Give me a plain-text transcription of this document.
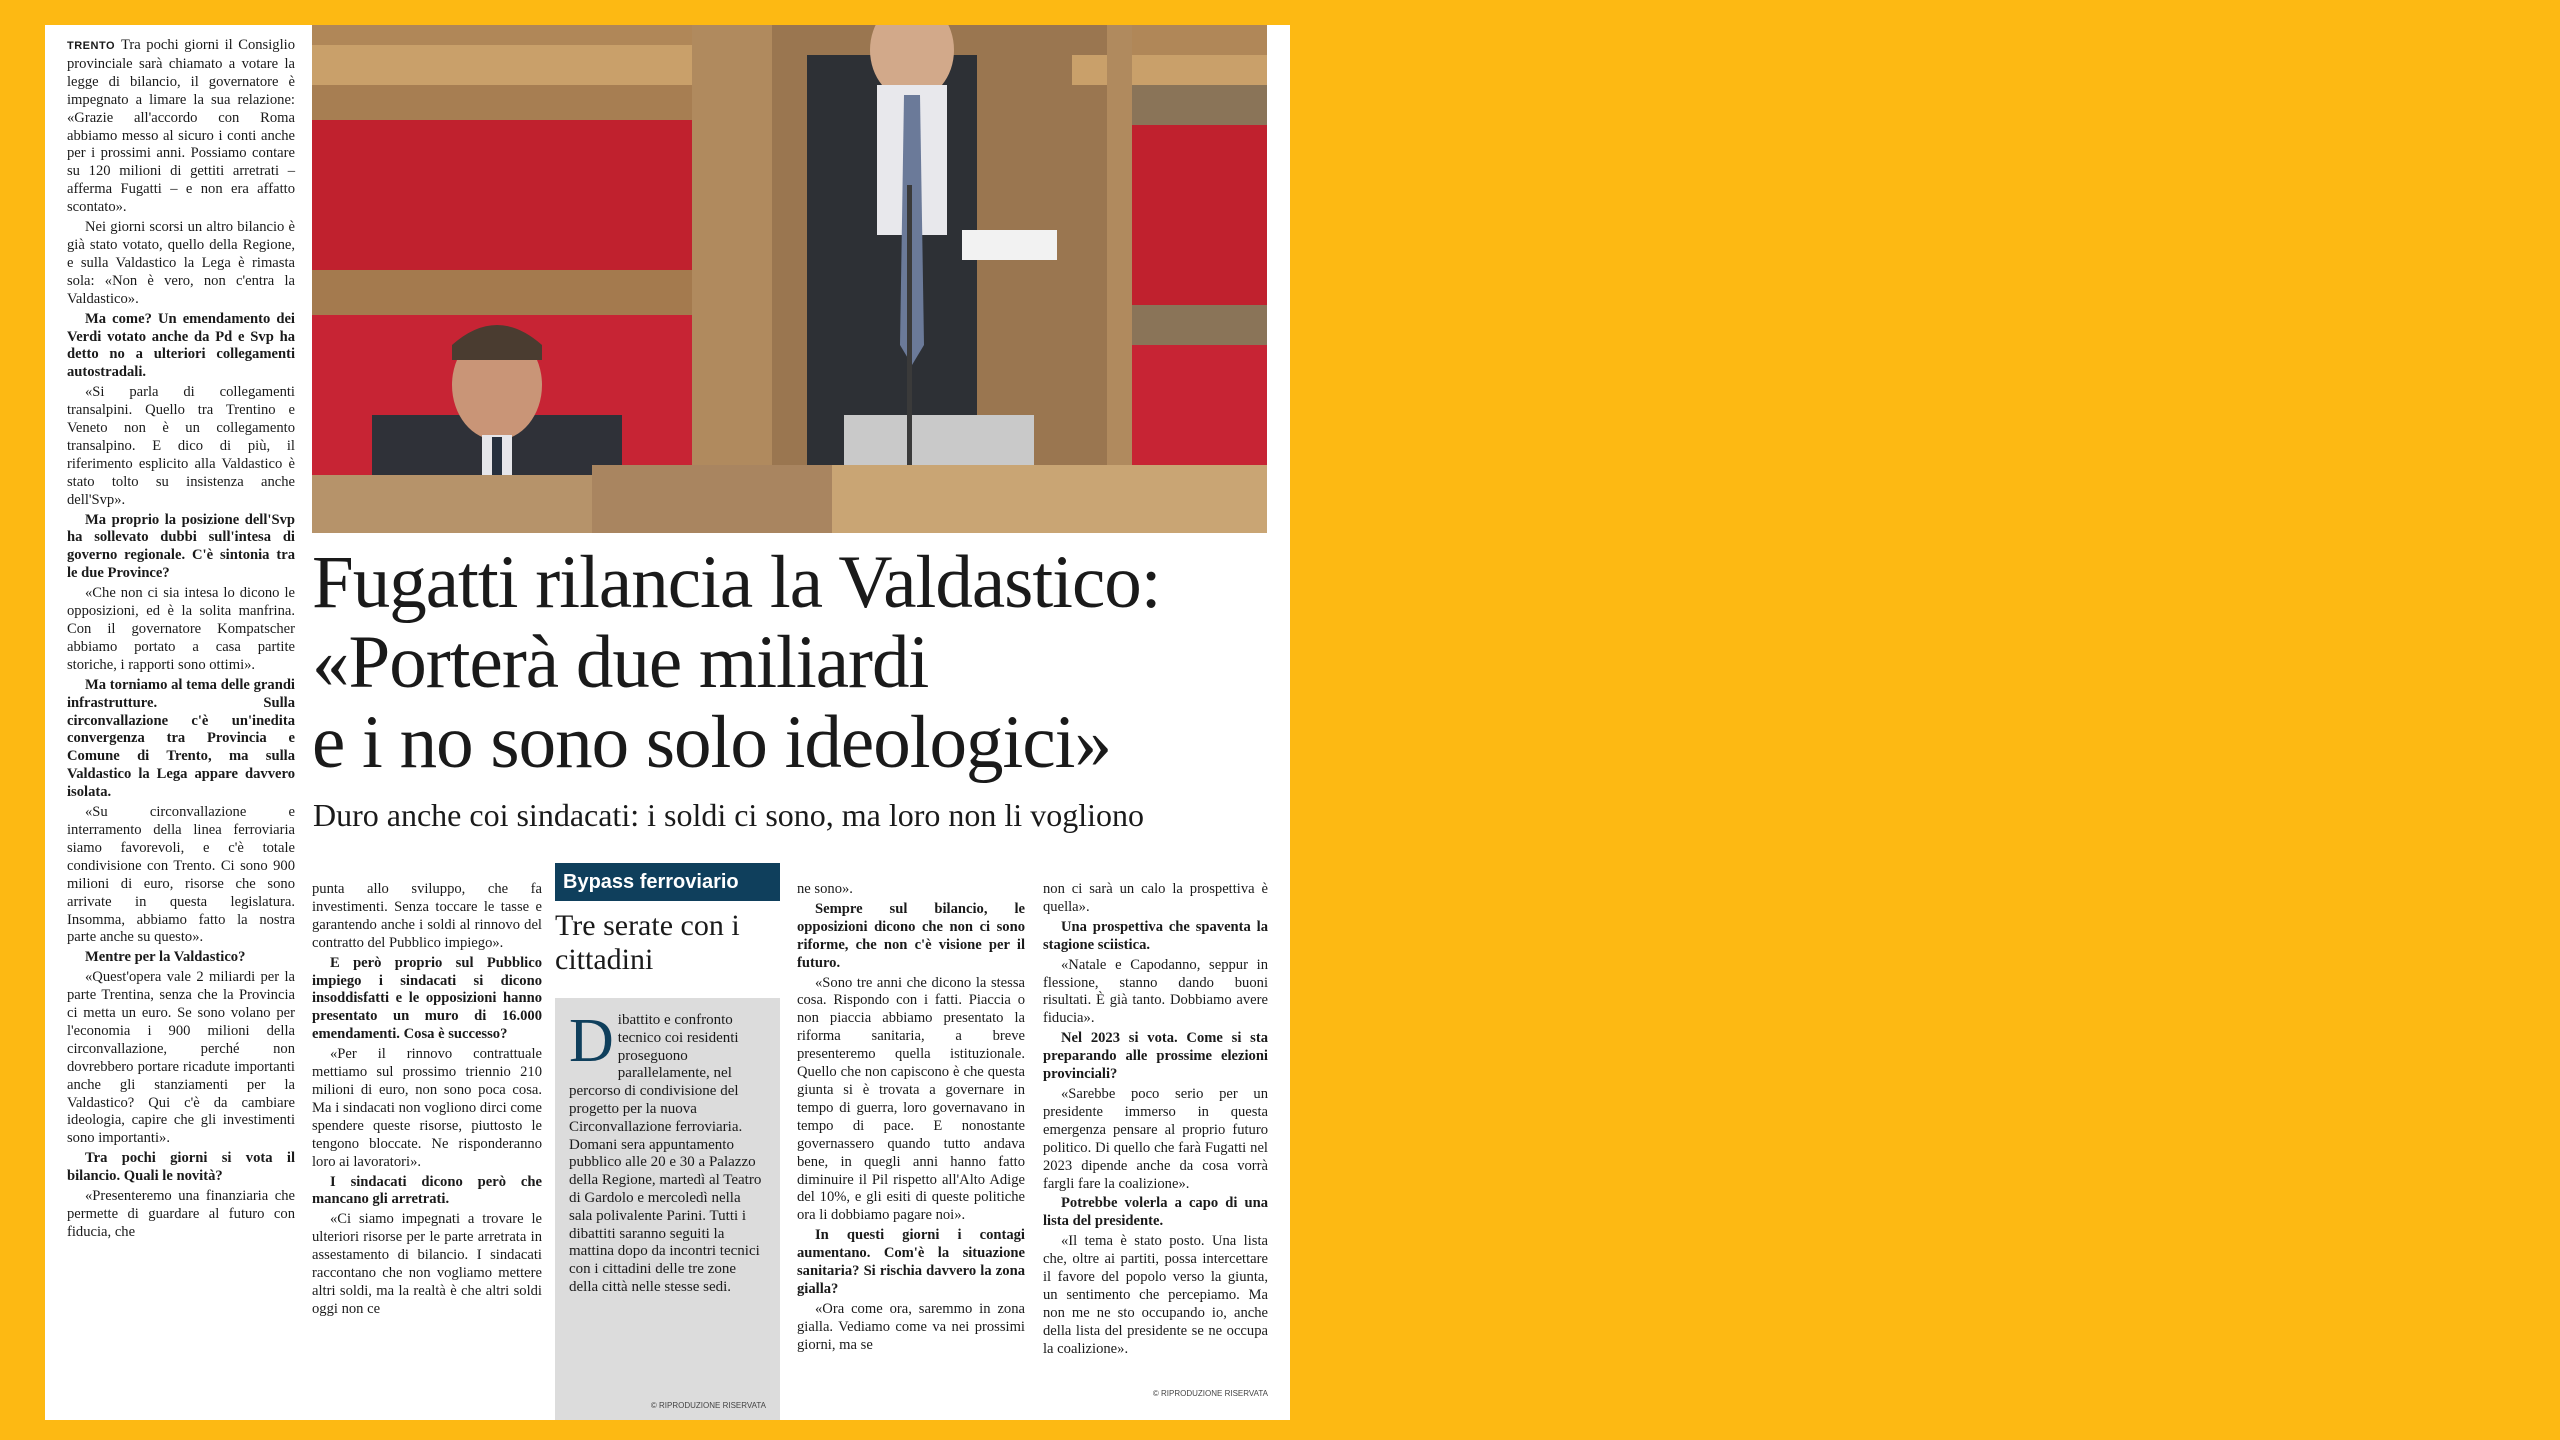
TRENTO Tra pochi giorni il Consiglio provinciale sarà chiamato a votare la legge di bilancio, il governatore è impegnato a limare la sua relazione: «Grazie all'accordo con Roma abbiamo messo al sicuro i conti anche per i prossimi anni. Possiamo contare su 120 milioni di gettiti arretrati – afferma Fugatti – e non era affatto scontato».

Nei giorni scorsi un altro bilancio è già stato votato, quello della Regione, e sulla Valdastico la Lega è rimasta sola: «Non è vero, non c'entra la Valdastico».

Ma come? Un emendamento dei Verdi votato anche da Pd e Svp ha detto no a ulteriori collegamenti autostradali.

«Si parla di collegamenti transalpini. Quello tra Trentino e Veneto non è un collegamento transalpino. E dico di più, il riferimento esplicito alla Valdastico è stato tolto su insistenza anche dell'Svp».

Ma proprio la posizione dell'Svp ha sollevato dubbi sull'intesa di governo regionale. C'è sintonia tra le due Province?

«Che non ci sia intesa lo dicono le opposizioni, ed è la solita manfrina. Con il governatore Kompatscher abbiamo portato a casa partite storiche, i rapporti sono ottimi».

Ma torniamo al tema delle grandi infrastrutture. Sulla circonvallazione c'è un'inedita convergenza tra Provincia e Comune di Trento, ma sulla Valdastico la Lega appare davvero isolata.

«Su circonvallazione e interramento della linea ferroviaria siamo favorevoli, e c'è totale condivisione con Trento. Ci sono 900 milioni di euro, risorse che sono arrivate in questa legislatura. Insomma, abbiamo fatto la nostra parte anche su questo».

Mentre per la Valdastico?

«Quest'opera vale 2 miliardi per la parte Trentina, senza che la Provincia ci metta un euro. Se sono volano per l'economia i 900 milioni della circonvallazione, perché non dovrebbero portare ricadute importanti anche gli stanziamenti per la Valdastico? Qui c'è da cambiare ideologia, capire che gli investimenti sono importanti».

Tra pochi giorni si vota il bilancio. Quali le novità?

«Presenteremo una finanziaria che permette di guardare al futuro con fiducia, che

Fugatti rilancia la Valdastico:
«Porterà due miliardi
e i no sono solo ideologici»

Duro anche coi sindacati: i soldi ci sono, ma loro non li vogliono

punta allo sviluppo, che fa investimenti. Senza toccare le tasse e garantendo anche i soldi al rinnovo del contratto del Pubblico impiego».

E però proprio sul Pubblico impiego i sindacati si dicono insoddisfatti e le opposizioni hanno presentato un muro di 16.000 emendamenti. Cosa è successo?

«Per il rinnovo contrattuale mettiamo sul prossimo triennio 210 milioni di euro, non sono poca cosa. Ma i sindacati non vogliono dirci come spendere queste risorse, piuttosto le tengono bloccate. Ne risponderanno loro ai lavoratori».

I sindacati dicono però che mancano gli arretrati.

«Ci siamo impegnati a trovare le ulteriori risorse per le parte arretrata in assestamento di bilancio. I sindacati raccontano che non vogliamo mettere altri soldi, ma la realtà è che altri soldi oggi non ce

Bypass ferroviario
Tre serate con i cittadini
Dibattito e confronto tecnico coi residenti proseguono parallelamente, nel percorso di condivisione del progetto per la nuova Circonvallazione ferroviaria. Domani sera appuntamento pubblico alle 20 e 30 a Palazzo della Regione, martedì al Teatro di Gardolo e mercoledì nella sala polivalente Parini. Tutti i dibattiti saranno seguiti la mattina dopo da incontri tecnici con i cittadini delle tre zone della città nelle stesse sedi.
© RIPRODUZIONE RISERVATA

ne sono».

Sempre sul bilancio, le opposizioni dicono che non ci sono riforme, che non c'è visione per il futuro.

«Sono tre anni che dicono la stessa cosa. Rispondo con i fatti. Piaccia o non piaccia abbiamo presentato la riforma sanitaria, a breve presenteremo quella istituzionale. Quello che non capiscono è che questa giunta si è trovata a governare in tempo di guerra, loro governavano in tempo di pace. E nonostante governassero quando tutto andava bene, in quegli anni hanno fatto diminuire il Pil rispetto all'Alto Adige del 10%, e gli esiti di queste politiche ora li dobbiamo pagare noi».

In questi giorni i contagi aumentano. Com'è la situazione sanitaria? Si rischia davvero la zona gialla?

«Ora come ora, saremmo in zona gialla. Vediamo come va nei prossimi giorni, ma se

non ci sarà un calo la prospettiva è quella».

Una prospettiva che spaventa la stagione sciistica.

«Natale e Capodanno, seppur in flessione, stanno dando buoni risultati. È già tanto. Dobbiamo avere fiducia».

Nel 2023 si vota. Come si sta preparando alle prossime elezioni provinciali?

«Sarebbe poco serio per un presidente immerso in questa emergenza pensare al proprio futuro politico. Di quello che farà Fugatti nel 2023 dipende anche da cosa vorrà fargli fare la coalizione».

Potrebbe volerla a capo di una lista del presidente.

«Il tema è stato posto. Una lista che, oltre ai partiti, possa intercettare il favore del popolo verso la giunta, un sentimento che percepiamo. Ma non me ne sto occupando io, anche della lista del presidente se ne occupa la coalizione».

© RIPRODUZIONE RISERVATA
